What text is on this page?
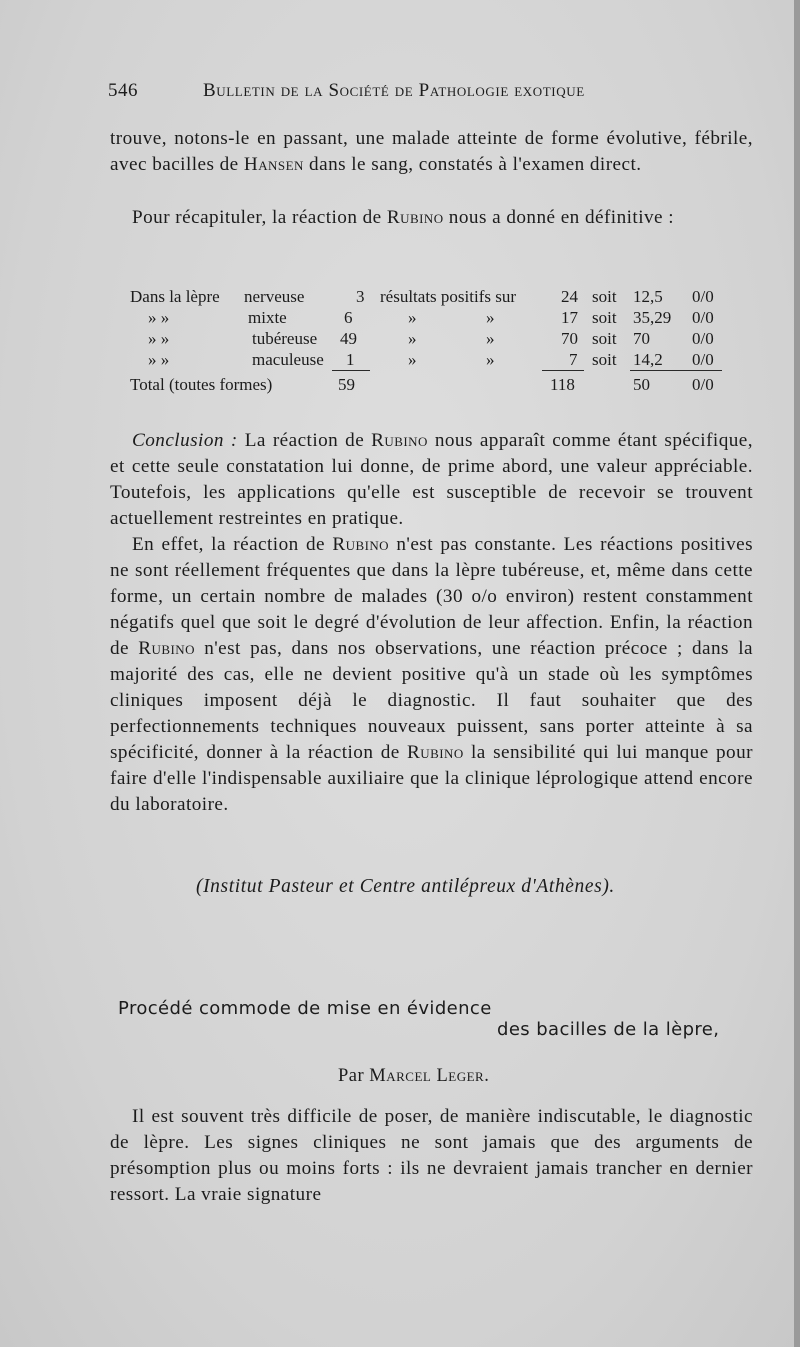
546	Bulletin de la Société de Pathologie exotique

trouve, notons-le en passant, une malade atteinte de forme évolutive, fébrile, avec bacilles de Hansen dans le sang, constatés à l'examen direct.

Pour récapituler, la réaction de Rubino nous a donné en définitive :

Dans la lèpre nerveuse	3 résultats positifs sur	24 soit 12,5 0/0
» »	mixte	6	»	»	17 soit 35,29 0/0
» »	tubéreuse 49	»	»	70 soit 70 0/0
» »	maculeuse 1	»	»	7 soit 14,2 0/0
Total (toutes formes)	59	118	50 0/0

Conclusion : La réaction de Rubino nous apparaît comme étant spécifique, et cette seule constatation lui donne, de prime abord, une valeur appréciable. Toutefois, les applications qu'elle est susceptible de recevoir se trouvent actuellement restreintes en pratique.

En effet, la réaction de Rubino n'est pas constante. Les réactions positives ne sont réellement fréquentes que dans la lèpre tubéreuse, et, même dans cette forme, un certain nombre de malades (30 o/o environ) restent constamment négatifs quel que soit le degré d'évolution de leur affection. Enfin, la réaction de Rubino n'est pas, dans nos observations, une réaction précoce ; dans la majorité des cas, elle ne devient positive qu'à un stade où les symptômes cliniques imposent déjà le diagnostic. Il faut souhaiter que des perfectionnements techniques nouveaux puissent, sans porter atteinte à sa spécificité, donner à la réaction de Rubino la sensibilité qui lui manque pour faire d'elle l'indispensable auxiliaire que la clinique léprologique attend encore du laboratoire.

(Institut Pasteur et Centre antilépreux d'Athènes).
Procédé commode de mise en évidence
des bacilles de la lèpre,
Par Marcel Leger.

Il est souvent très difficile de poser, de manière indiscutable, le diagnostic de lèpre. Les signes cliniques ne sont jamais que des arguments de présomption plus ou moins forts : ils ne devraient jamais trancher en dernier ressort. La vraie signature
